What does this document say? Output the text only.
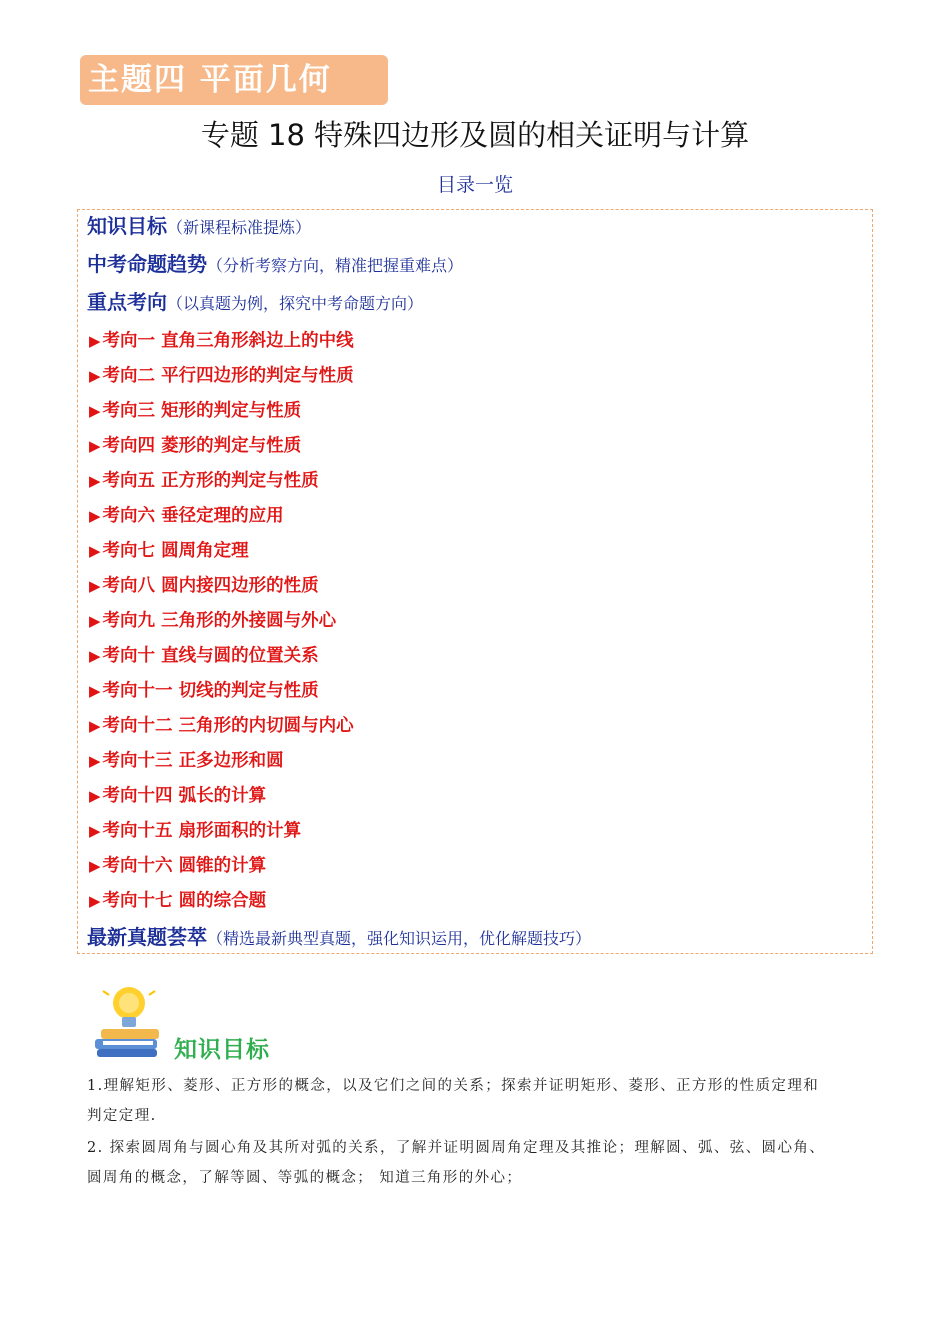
主题四 平面几何
专题 18 特殊四边形及圆的相关证明与计算
目录一览
知识目标（新课程标准提炼）
中考命题趋势（分析考察方向，精准把握重难点）
重点考向（以真题为例，探究中考命题方向）
▶ 考向一 直角三角形斜边上的中线
▶ 考向二 平行四边形的判定与性质
▶ 考向三 矩形的判定与性质
▶ 考向四 菱形的判定与性质
▶ 考向五 正方形的判定与性质
▶ 考向六 垂径定理的应用
▶ 考向七 圆周角定理
▶ 考向八 圆内接四边形的性质
▶ 考向九 三角形的外接圆与外心
▶ 考向十 直线与圆的位置关系
▶ 考向十一 切线的判定与性质
▶ 考向十二 三角形的内切圆与内心
▶ 考向十三 正多边形和圆
▶ 考向十四 弧长的计算
▶ 考向十五 扇形面积的计算
▶ 考向十六 圆锥的计算
▶ 考向十七 圆的综合题
最新真题荟萃（精选最新典型真题，强化知识运用，优化解题技巧）
知识目标
1.理解矩形、菱形、正方形的概念，以及它们之间的关系；探索并证明矩形、菱形、正方形的性质定理和
判定定理.
2. 探索圆周角与圆心角及其所对弧的关系，了解并证明圆周角定理及其推论；理解圆、弧、弦、圆心角、
圆周角的概念，了解等圆、等弧的概念； 知道三角形的外心；
